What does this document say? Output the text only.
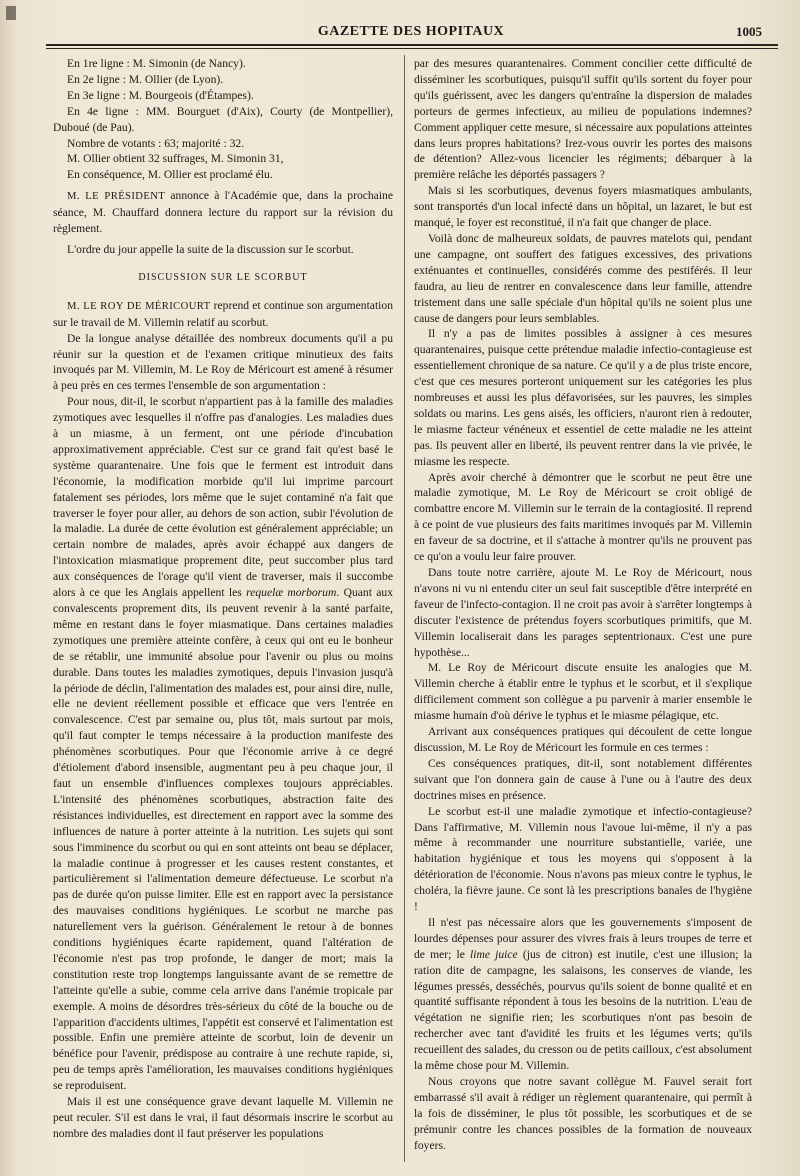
GAZETTE DES HOPITAUX	1005

En 1re ligne : M. Simonin (de Nancy).

En 2e ligne : M. Ollier (de Lyon).

En 3e ligne : M. Bourgeois (d'Étampes).

En 4e ligne : MM. Bourguet (d'Aix), Courty (de Montpellier), Duboué (de Pau).

Nombre de votants : 63; majorité : 32.

M. Ollier obtient 32 suffrages, M. Simonin 31,

En conséquence, M. Ollier est proclamé élu.

M. LE PRÉSIDENT annonce à l'Académie que, dans la prochaine séance, M. Chauffard donnera lecture du rapport sur la révision du règlement.

L'ordre du jour appelle la suite de la discussion sur le scorbut.

DISCUSSION SUR LE SCORBUT

M. LE ROY DE MÉRICOURT reprend et continue son argumentation sur le travail de M. Villemin relatif au scorbut.

De la longue analyse détaillée des nombreux documents qu'il a pu réunir sur la question et de l'examen critique minutieux des faits invoqués par M. Villemin, M. Le Roy de Méricourt est amené à résumer à peu près en ces termes l'ensemble de son argumentation :

Pour nous, dit-il, le scorbut n'appartient pas à la famille des maladies zymotiques avec lesquelles il n'offre pas d'analogies. Les maladies dues à un miasme, à un ferment, ont une période d'incubation approximativement appréciable. C'est sur ce grand fait qu'est basé le système quarantenaire. Une fois que le ferment est introduit dans l'économie, la modification morbide qu'il lui imprime parcourt fatalement ses périodes, lors même que le sujet contaminé n'a fait que traverser le foyer pour aller, au dehors de son action, subir l'évolution de la maladie. La durée de cette évolution est généralement appréciable; un certain nombre de malades, après avoir échappé aux dangers de l'intoxication miasmatique proprement dite, peut succomber plus tard aux conséquences de l'orage qu'il vient de traverser, mais il succombe alors à ce que les Anglais appellent les requelæ morborum. Quant aux convalescents proprement dits, ils peuvent revenir à la santé parfaite, même en restant dans le foyer miasmatique. Dans certaines maladies zymotiques une première atteinte confère, à ceux qui ont eu le bonheur de se rétablir, une immunité absolue pour l'avenir ou plus ou moins durable. Dans toutes les maladies zymotiques, depuis l'invasion jusqu'à la période de déclin, l'alimentation des malades est, pour ainsi dire, nulle, elle ne devient réellement possible et efficace que vers l'entrée en convalescence. C'est par semaine ou, plus tôt, mais surtout par mois, qu'il faut compter le temps nécessaire à la production manifeste des phénomènes scorbutiques. Pour que l'économie arrive à ce degré d'étiolement d'abord insensible, augmentant peu à peu chaque jour, il faut un ensemble d'influences complexes toujours appréciables. L'intensité des phénomènes scorbutiques, abstraction faite des résistances individuelles, est directement en rapport avec la somme des influences de nature à porter atteinte à la nutrition. Les sujets qui sont sous l'imminence du scorbut ou qui en sont atteints ont beau se déplacer, la maladie continue à progresser et les causes restent constantes, et particulièrement si l'alimentation demeure défectueuse. Le scorbut n'a pas de durée qu'on puisse limiter. Elle est en rapport avec la persistance des mauvaises conditions hygiéniques. Le scorbut ne marche pas naturellement vers la guérison. Généralement le retour à de bonnes conditions hygiéniques écarte rapidement, quand l'altération de l'économie n'est pas trop profonde, le danger de mort; mais la constitution reste trop longtemps languissante avant de se remettre de l'atteinte qu'elle a subie, comme cela arrive dans l'anémie tropicale par exemple. A moins de désordres très-sérieux du côté de la bouche ou de l'apparition d'accidents ultimes, l'appétit est conservé et l'alimentation est possible. Enfin une première atteinte de scorbut, loin de devenir un bénéfice pour l'avenir, prédispose au contraire à une rechute rapide, si, peu de temps après l'amélioration, les mauvaises conditions hygiéniques se reproduisent.

Mais il est une conséquence grave devant laquelle M. Villemin ne peut reculer. S'il est dans le vrai, il faut désormais inscrire le scorbut au nombre des maladies dont il faut préserver les populations

par des mesures quarantenaires. Comment concilier cette difficulté de disséminer les scorbutiques, puisqu'il suffit qu'ils sortent du foyer pour qu'ils guérissent, avec les dangers qu'entraîne la dispersion de malades porteurs de germes infectieux, au milieu de populations indemnes? Comment appliquer cette mesure, si nécessaire aux populations atteintes dans leurs propres habitations? Irez-vous ouvrir les portes des maisons de détention? Allez-vous licencier les régiments; débarquer à la première relâche les déportés passagers ?

Mais si les scorbutiques, devenus foyers miasmatiques ambulants, sont transportés d'un local infecté dans un hôpital, un lazaret, le but est manqué, le foyer est reconstitué, il n'a fait que changer de place.

Voilà donc de malheureux soldats, de pauvres matelots qui, pendant une campagne, ont souffert des fatigues excessives, des privations exténuantes et continuelles, considérés comme des pestiférés. Il leur faudra, au lieu de rentrer en convalescence dans leur famille, attendre tristement dans une salle spéciale d'un hôpital qu'ils ne soient plus une cause de dangers pour leurs semblables.

Il n'y a pas de limites possibles à assigner à ces mesures quarantenaires, puisque cette prétendue maladie infectio-contagieuse est essentiellement chronique de sa nature. Ce qu'il y a de plus triste encore, c'est que ces mesures porteront uniquement sur les catégories les plus nombreuses et aussi les plus défavorisées, sur les pauvres, les simples soldats ou marins. Les gens aisés, les officiers, n'auront rien à redouter, le miasme facteur vénéneux et essentiel de cette maladie ne les atteint pas. Ils peuvent aller en liberté, ils peuvent rentrer dans la vie privée, le miasme les respecte.

Après avoir cherché à démontrer que le scorbut ne peut être une maladie zymotique, M. Le Roy de Méricourt se croit obligé de combattre encore M. Villemin sur le terrain de la contagiosité. Il reprend à ce point de vue plusieurs des faits maritimes invoqués par M. Villemin en faveur de sa doctrine, et il s'attache à montrer qu'ils ne prouvent pas ce qu'on a voulu leur faire prouver.

Dans toute notre carrière, ajoute M. Le Roy de Méricourt, nous n'avons ni vu ni entendu citer un seul fait susceptible d'être interprété en faveur de l'infecto-contagion. Il ne croit pas avoir à s'arrêter longtemps à discuter l'existence de prétendus foyers scorbutiques primitifs, que M. Villemin localiserait dans les parages septentrionaux. C'est une pure hypothèse...

M. Le Roy de Méricourt discute ensuite les analogies que M. Villemin cherche à établir entre le typhus et le scorbut, et il s'explique difficilement comment son collègue a pu parvenir à marier ensemble le miasme humain d'où dérive le typhus et le miasme pélagique, etc.

Arrivant aux conséquences pratiques qui découlent de cette longue discussion, M. Le Roy de Méricourt les formule en ces termes :

Ces conséquences pratiques, dit-il, sont notablement différentes suivant que l'on donnera gain de cause à l'une ou à l'autre des deux doctrines mises en présence.

Le scorbut est-il une maladie zymotique et infectio-contagieuse? Dans l'affirmative, M. Villemin nous l'avoue lui-même, il n'y a pas même à recommander une nourriture substantielle, variée, une habitation hygiénique et tous les moyens qui s'opposent à la détérioration de l'économie. Nous n'avons pas mieux contre le typhus, le choléra, la fièvre jaune. Ce sont là les prescriptions banales de l'hygiène !

Il n'est pas nécessaire alors que les gouvernements s'imposent de lourdes dépenses pour assurer des vivres frais à leurs troupes de terre et de mer; le lime juice (jus de citron) est inutile, c'est une illusion; la ration dite de campagne, les salaisons, les conserves de viande, les légumes pressés, desséchés, pourvus qu'ils soient de bonne qualité et en quantité suffisante répondent à tous les besoins de la nutrition. L'eau de végétation ne signifie rien; les scorbutiques n'ont pas besoin de rechercher avec tant d'avidité les fruits et les légumes verts; qu'ils recueillent des salades, du cresson ou de petits cailloux, c'est absolument la même chose pour M. Villemin.

Nous croyons que notre savant collègue M. Fauvel serait fort embarrassé s'il avait à rédiger un règlement quarantenaire, qui permît à la fois de disséminer, le plus tôt possible, les scorbutiques et de se prémunir contre les chances possibles de la formation de nouveaux foyers.
